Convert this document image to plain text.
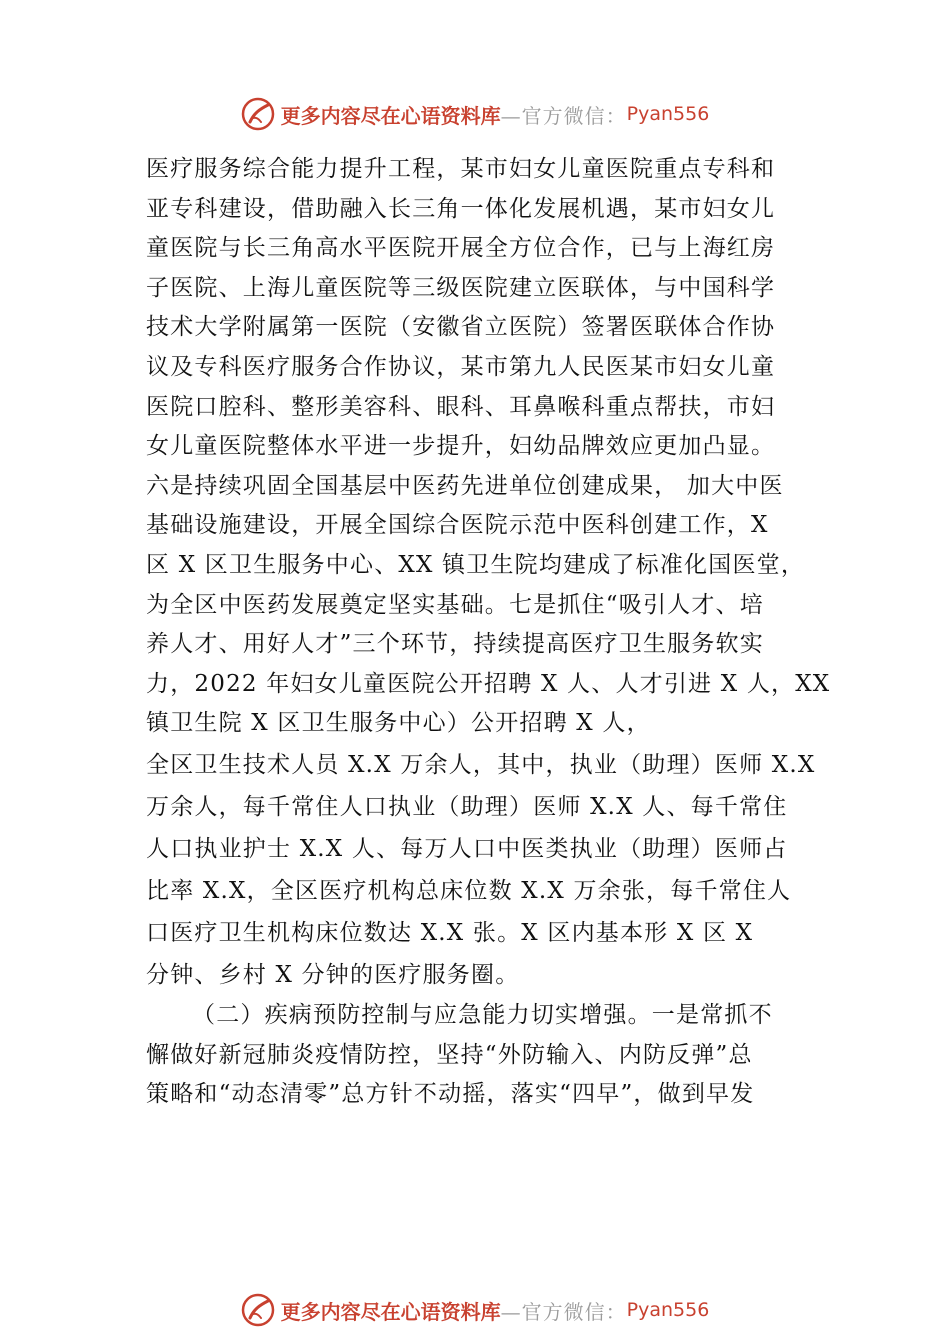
更多内容尽在心语资料库 —官方微信： Pyan556
医疗服务综合能力提升工程，某市妇女儿童医院重点专科和
亚专科建设，借助融入长三角一体化发展机遇，某市妇女儿
童医院与长三角高水平医院开展全方位合作，已与上海红房
子医院、上海儿童医院等三级医院建立医联体，与中国科学
技术大学附属第一医院（安徽省立医院）签署医联体合作协
议及专科医疗服务合作协议，某市第九人民医某市妇女儿童
医院口腔科、整形美容科、眼科、耳鼻喉科重点帮扶，市妇
女儿童医院整体水平进一步提升，妇幼品牌效应更加凸显。
六是持续巩固全国基层中医药先进单位创建成果， 加大中医
基础设施建设，开展全国综合医院示范中医科创建工作，X
区 X 区卫生服务中心、XX 镇卫生院均建成了标准化国医堂，
为全区中医药发展奠定坚实基础。七是抓住“吸引人才、培
养人才、用好人才”三个环节，持续提高医疗卫生服务软实
力，2022 年妇女儿童医院公开招聘 X 人、人才引进 X 人，XX
镇卫生院 X 区卫生服务中心）公开招聘 X 人，
全区卫生技术人员 X.X 万余人，其中，执业（助理）医师 X.X
万余人，每千常住人口执业（助理）医师 X.X 人、每千常住
人口执业护士 X.X 人、每万人口中医类执业（助理）医师占
比率 X.X，全区医疗机构总床位数 X.X 万余张，每千常住人
口医疗卫生机构床位数达 X.X 张。X 区内基本形 X 区 X
分钟、乡村 X 分钟的医疗服务圈。
（二）疾病预防控制与应急能力切实增强。一是常抓不
懈做好新冠肺炎疫情防控，坚持“外防输入、内防反弹”总
策略和“动态清零”总方针不动摇，落实“四早”，做到早发
更多内容尽在心语资料库 —官方微信： Pyan556
